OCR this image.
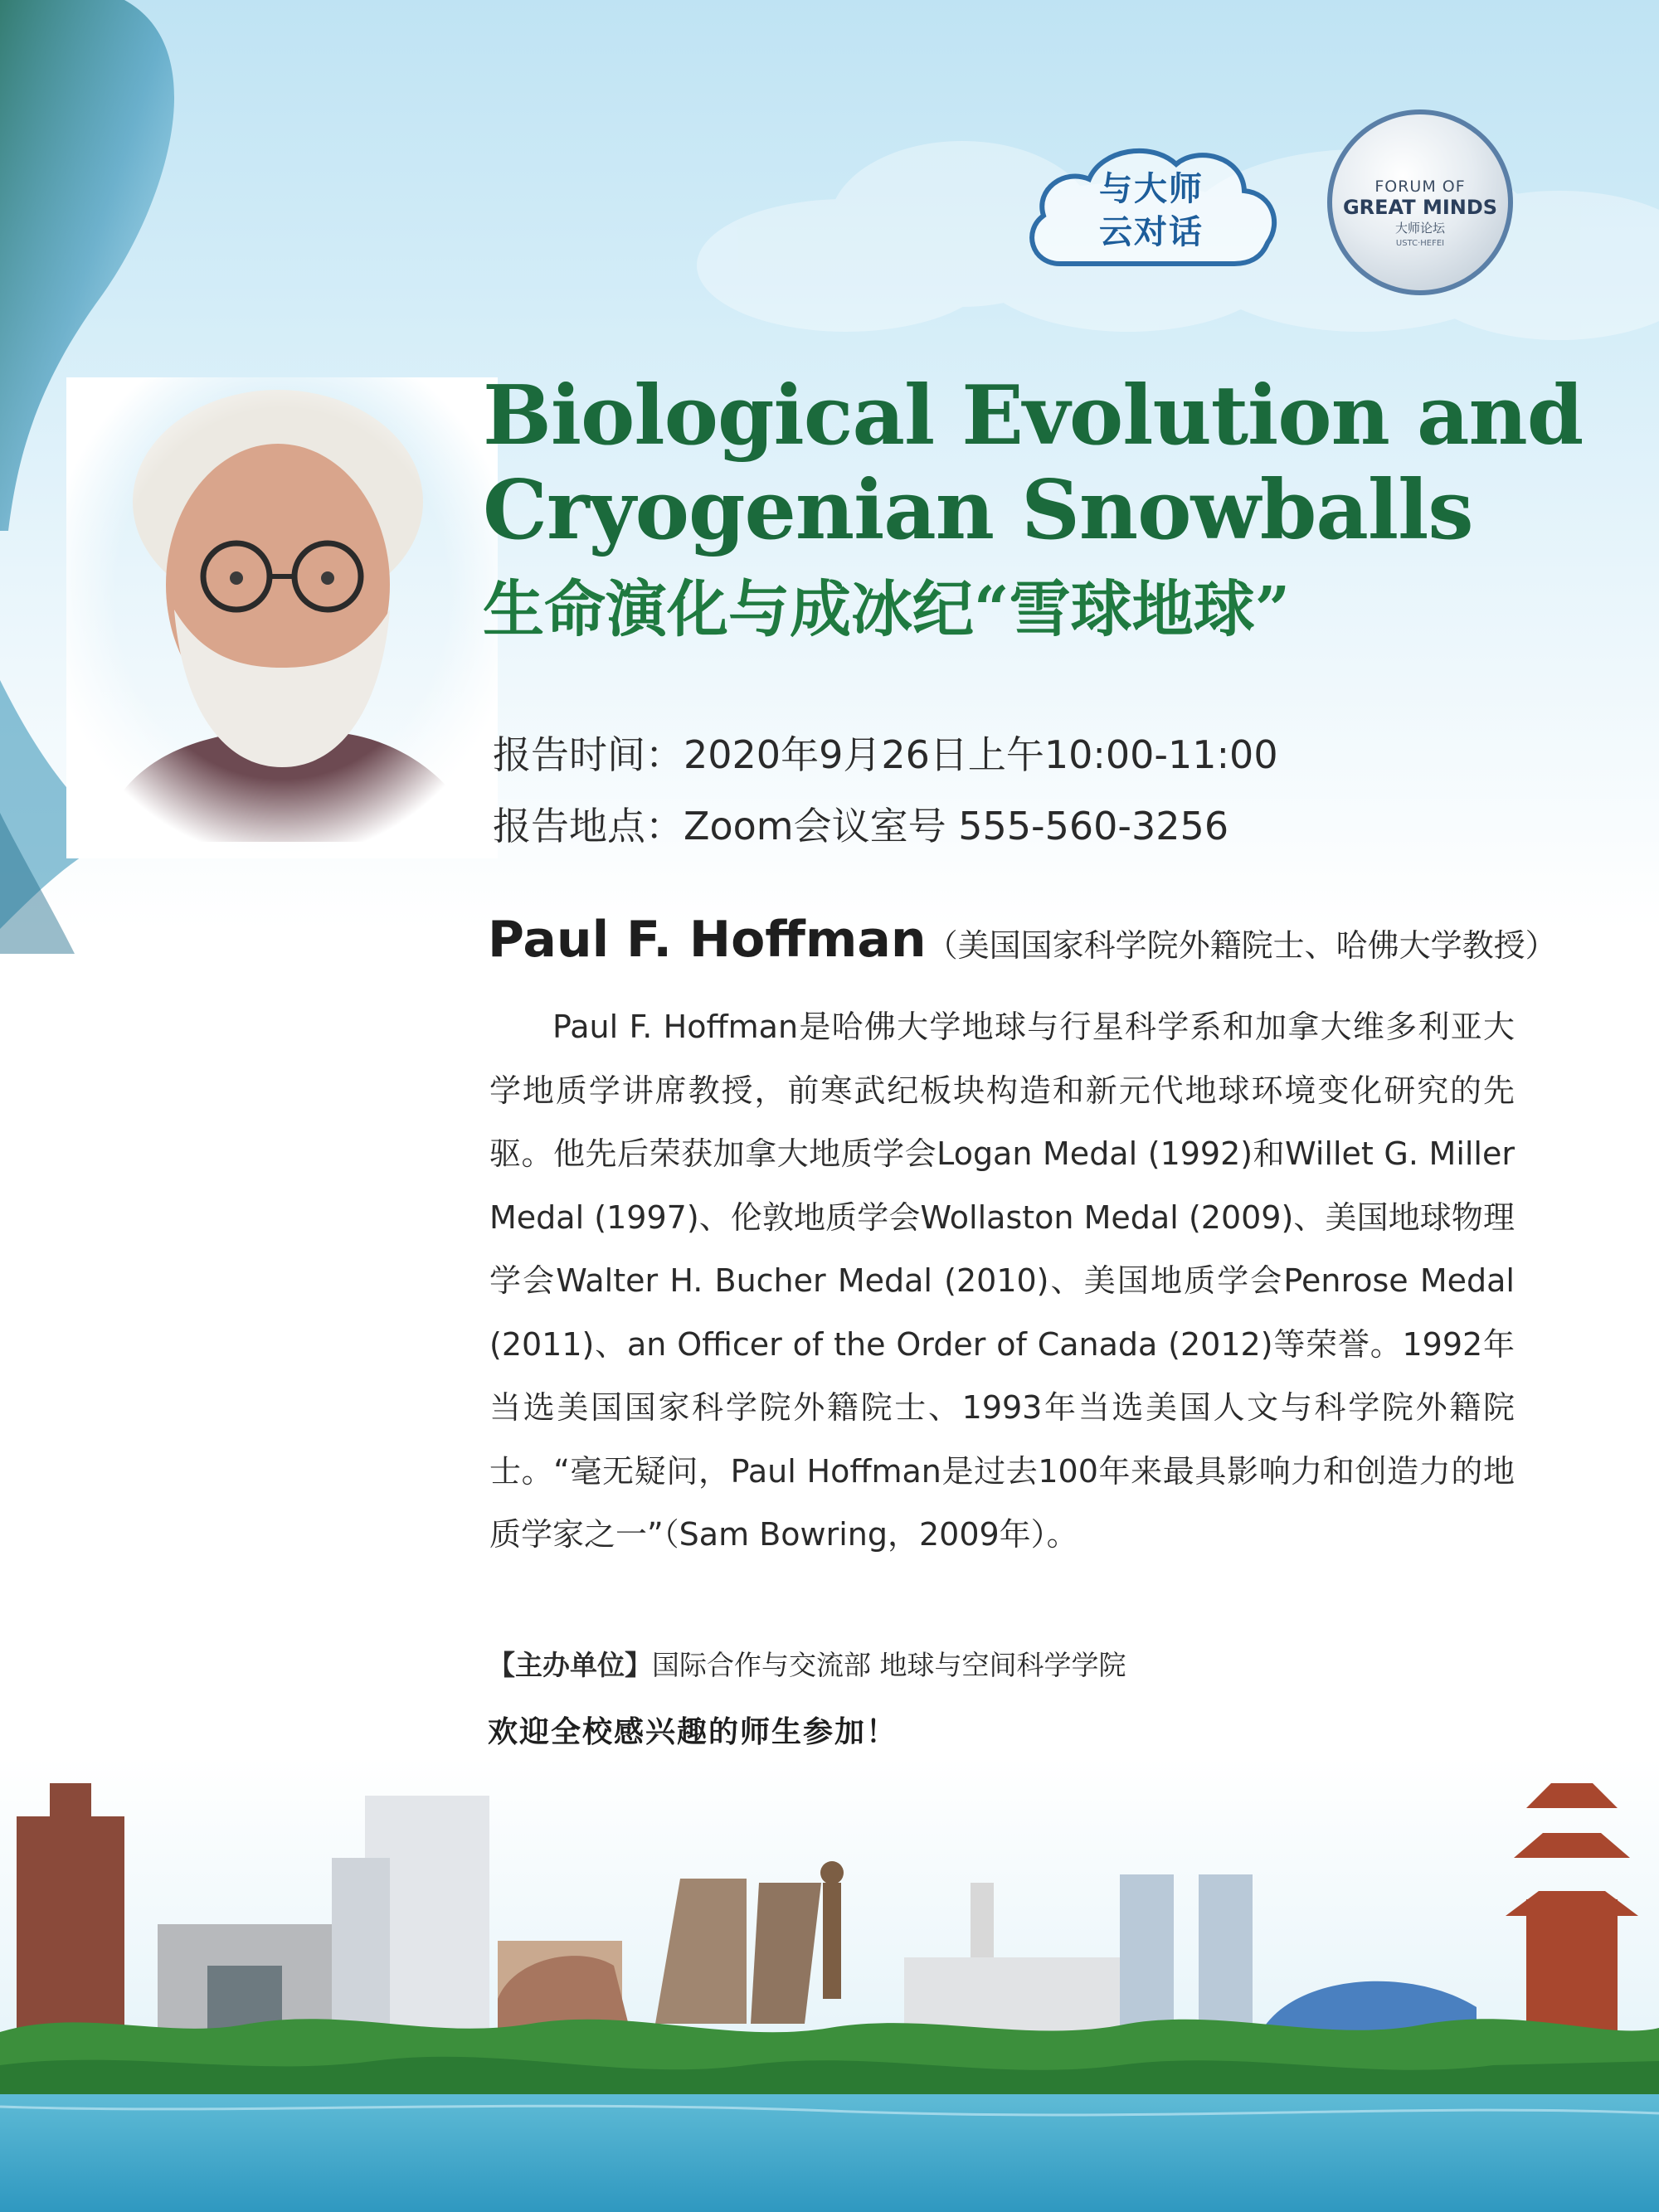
与大师
云对话
FORUM OF
GREAT MINDS
大师论坛
USTC·HEFEI
Biological Evolution and
Cryogenian Snowballs
生命演化与成冰纪“雪球地球”
报告时间：2020年9月26日上午10:00-11:00
报告地点：Zoom会议室号 555-560-3256
Paul F. Hoffman（美国国家科学院外籍院士、哈佛大学教授）

Paul F. Hoffman是哈佛大学地球与行星科学系和加拿大维多利亚大学地质学讲席教授，前寒武纪板块构造和新元代地球环境变化研究的先驱。他先后荣获加拿大地质学会Logan Medal (1992)和Willet G. Miller Medal (1997)、伦敦地质学会Wollaston Medal (2009)、美国地球物理学会Walter H. Bucher Medal (2010)、美国地质学会Penrose Medal (2011)、an Officer of the Order of Canada (2012)等荣誉。1992年当选美国国家科学院外籍院士、1993年当选美国人文与科学院外籍院士。“毫无疑问，Paul Hoffman是过去100年来最具影响力和创造力的地质学家之一”（Sam Bowring，2009年）。

【主办单位】国际合作与交流部 地球与空间科学学院
欢迎全校感兴趣的师生参加！
